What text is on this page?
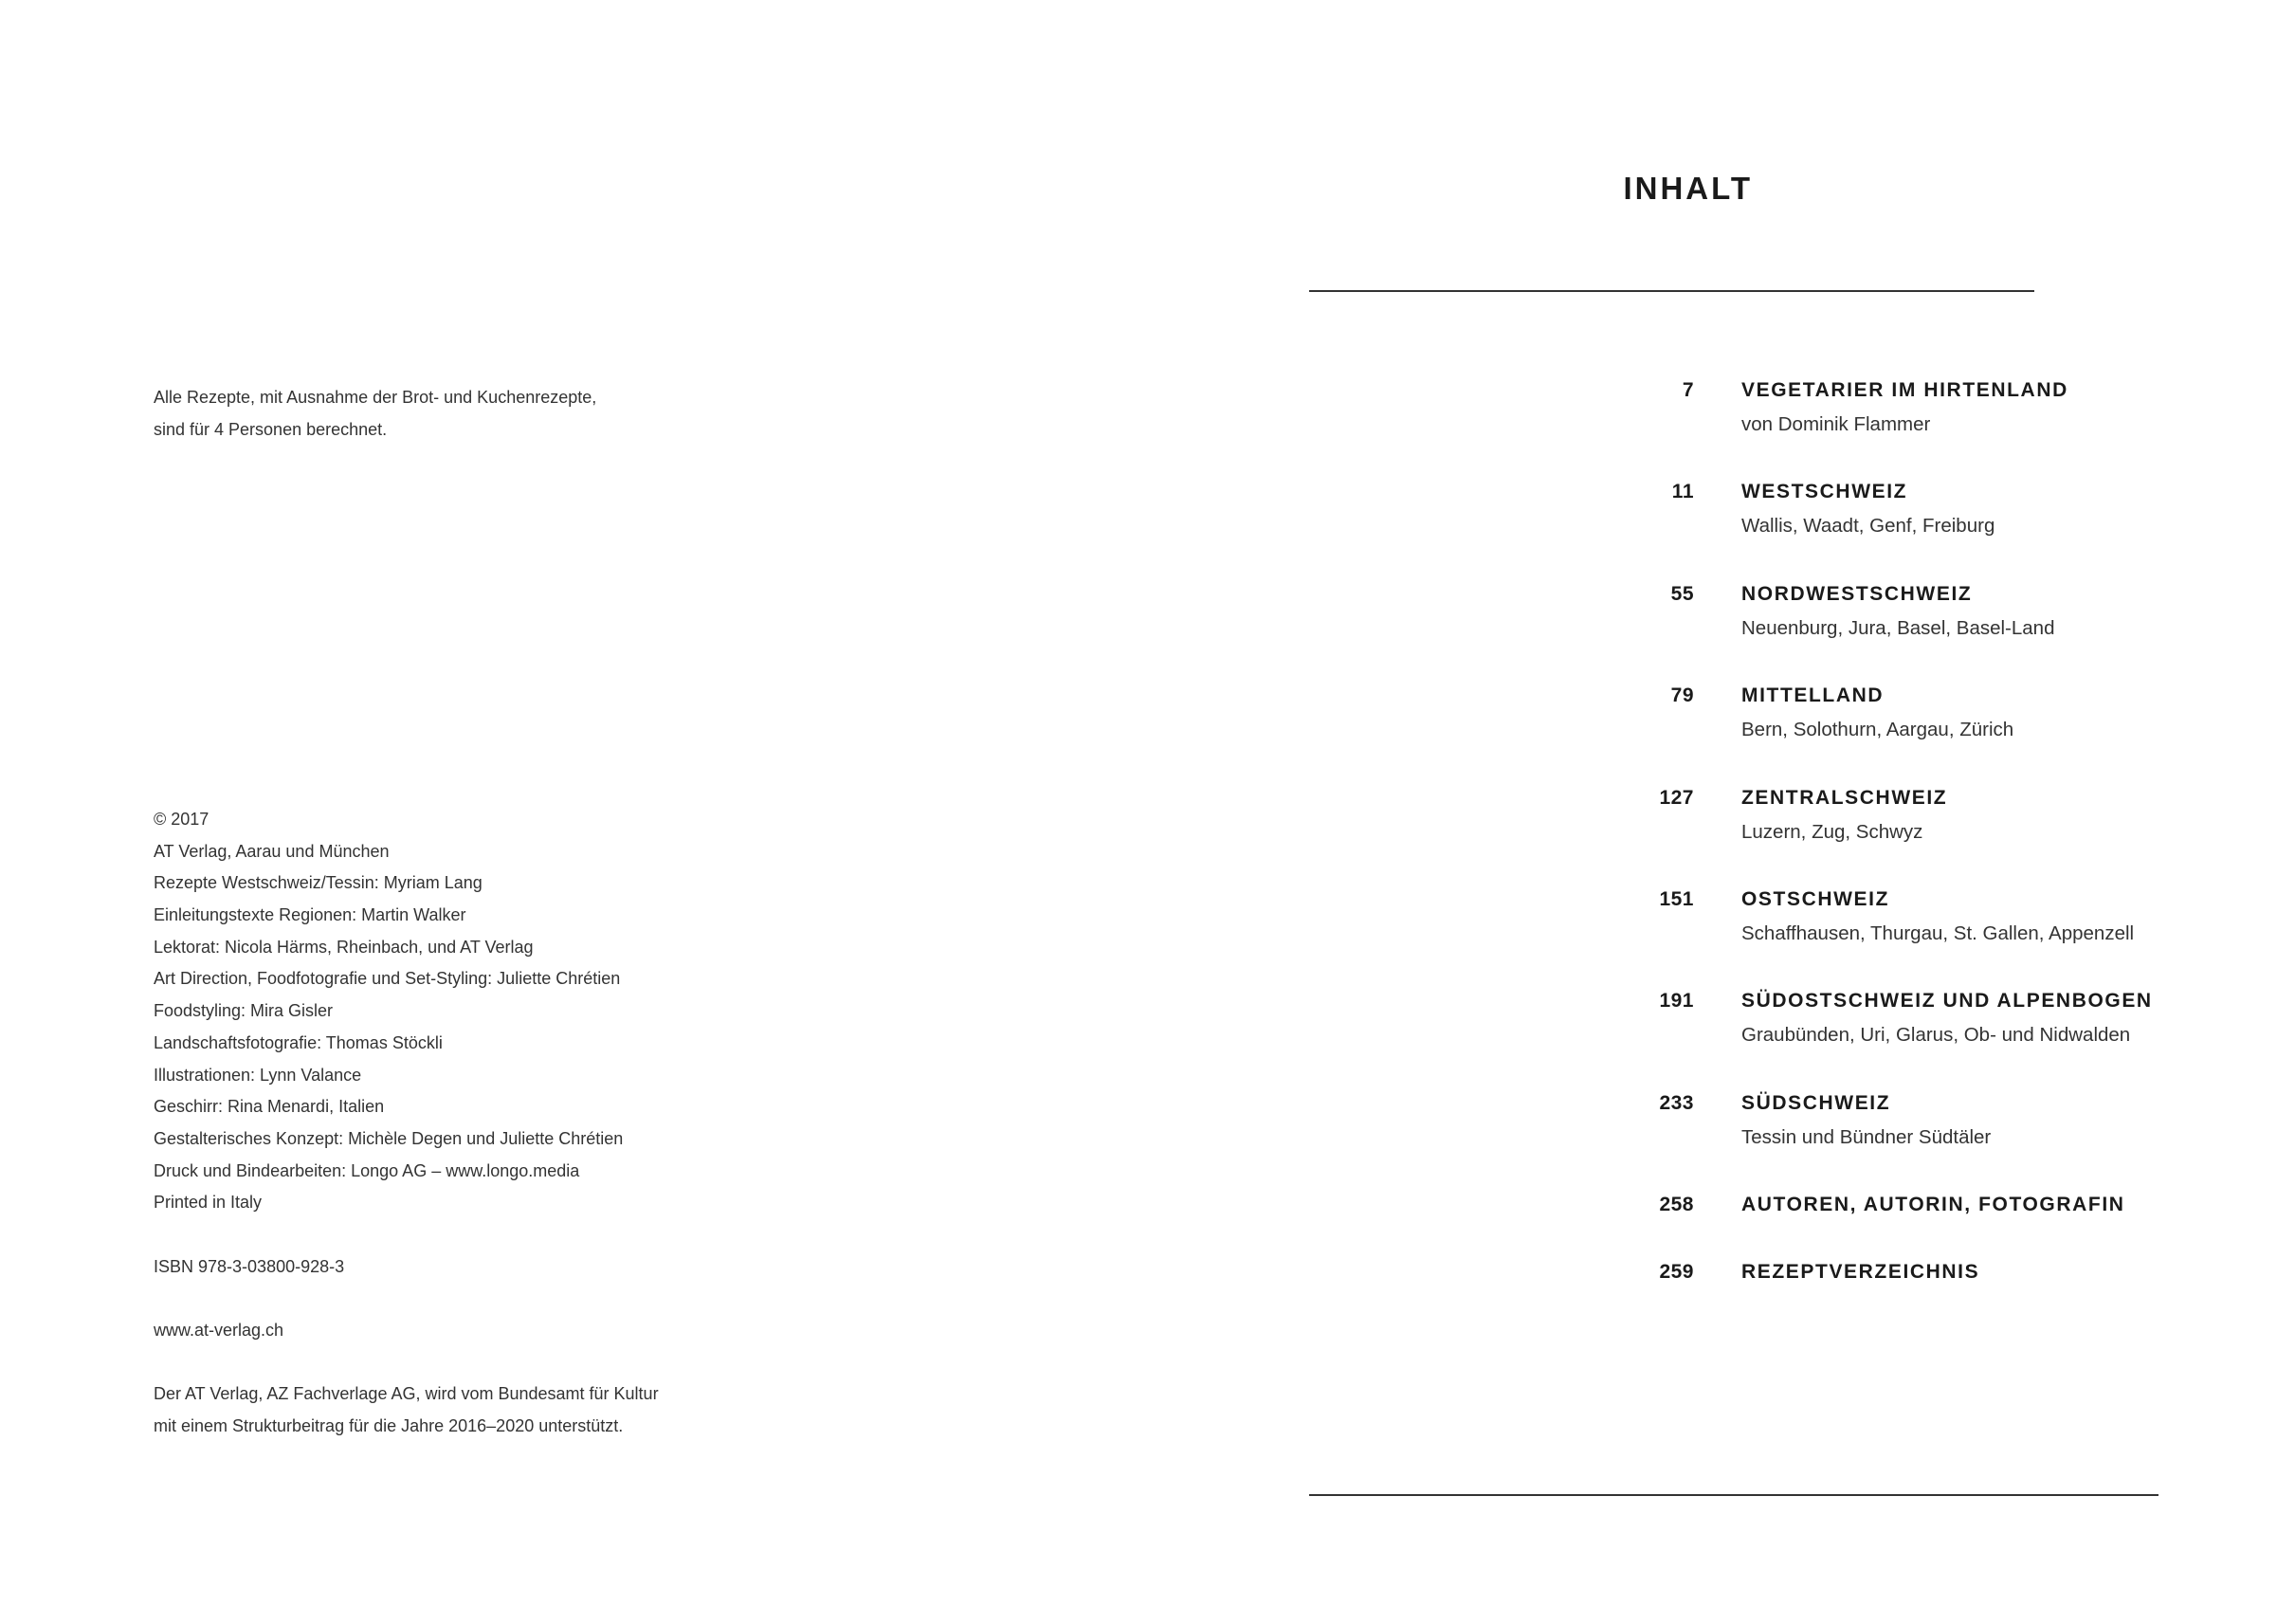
Alle Rezepte, mit Ausnahme der Brot- und Kuchenrezepte,
sind für 4 Personen berechnet.
© 2017
AT Verlag, Aarau und München
Rezepte Westschweiz/Tessin: Myriam Lang
Einleitungstexte Regionen: Martin Walker
Lektorat: Nicola Härms, Rheinbach, und AT Verlag
Art Direction, Foodfotografie und Set-Styling: Juliette Chrétien
Foodstyling: Mira Gisler
Landschaftsfotografie: Thomas Stöckli
Illustrationen: Lynn Valance
Geschirr: Rina Menardi, Italien
Gestalterisches Konzept: Michèle Degen und Juliette Chrétien
Druck und Bindearbeiten: Longo AG – www.longo.media
Printed in Italy
ISBN 978-3-03800-928-3
www.at-verlag.ch
Der AT Verlag, AZ Fachverlage AG, wird vom Bundesamt für Kultur
mit einem Strukturbeitrag für die Jahre 2016–2020 unterstützt.
INHALT
7 VEGETARIER IM HIRTENLAND
von Dominik Flammer
11 WESTSCHWEIZ
Wallis, Waadt, Genf, Freiburg
55 NORDWESTSCHWEIZ
Neuenburg, Jura, Basel, Basel-Land
79 MITTELLAND
Bern, Solothurn, Aargau, Zürich
127 ZENTRALSCHWEIZ
Luzern, Zug, Schwyz
151 OSTSCHWEIZ
Schaffhausen, Thurgau, St. Gallen, Appenzell
191 SÜDOSTSCHWEIZ UND ALPENBOGEN
Graubünden, Uri, Glarus, Ob- und Nidwalden
233 SÜDSCHWEIZ
Tessin und Bündner Südtäler
258 AUTOREN, AUTORIN, FOTOGRAFIN
259 REZEPTVERZEICHNIS
